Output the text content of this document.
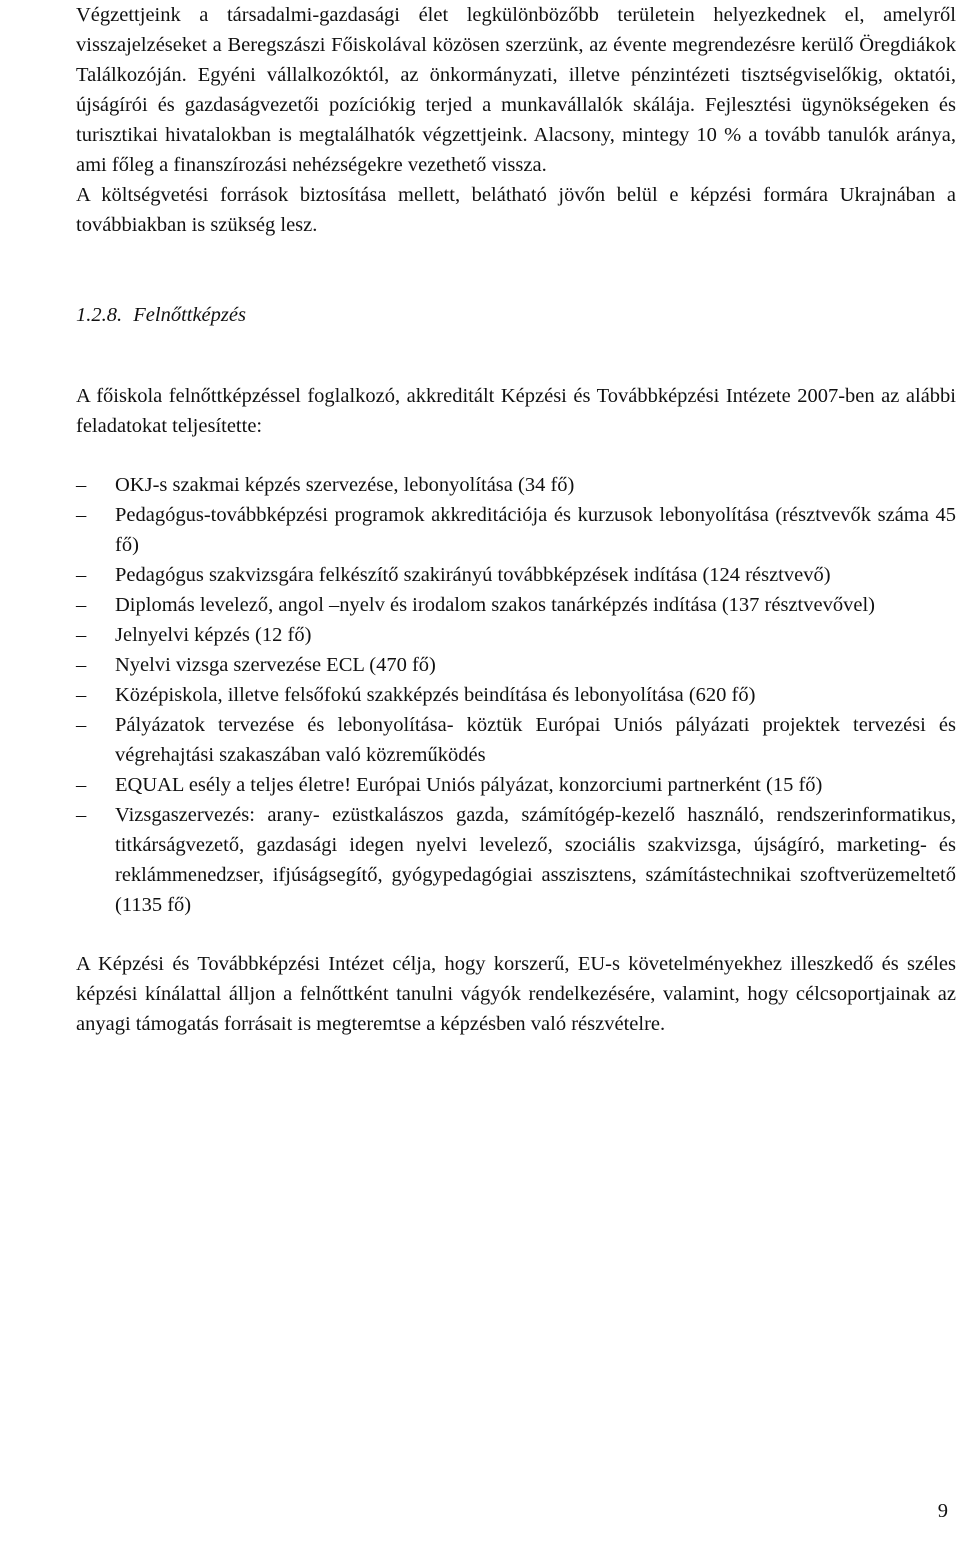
Végzettjeink a társadalmi-gazdasági élet legkülönbözőbb területein helyezkednek el, amelyről visszajelzéseket a Beregszászi Főiskolával közösen szerzünk, az évente megrendezésre kerülő Öregdiákok Találkozóján. Egyéni vállalkozóktól, az önkormányzati, illetve pénzintézeti tisztségviselőkig, oktatói, újságírói és gazdaságvezetői pozíciókig terjed a munkavállalók skálája. Fejlesztési ügynökségeken és turisztikai hivatalokban is megtalálhatók végzettjeink. Alacsony, mintegy 10 % a tovább tanulók aránya, ami főleg a finanszírozási nehézségekre vezethető vissza.

A költségvetési források biztosítása mellett, belátható jövőn belül e képzési formára Ukrajnában a továbbiakban is szükség lesz.

1.2.8. Felnőttképzés

A főiskola felnőttképzéssel foglalkozó, akkreditált Képzési és Továbbképzési Intézete 2007-ben az alábbi feladatokat teljesítette:

– OKJ-s szakmai képzés szervezése, lebonyolítása (34 fő)
– Pedagógus-továbbképzési programok akkreditációja és kurzusok lebonyolítása (résztvevők száma 45 fő)
– Pedagógus szakvizsgára felkészítő szakirányú továbbképzések indítása (124 résztvevő)
– Diplomás levelező, angol –nyelv és irodalom szakos tanárképzés indítása (137 résztvevővel)
– Jelnyelvi képzés (12 fő)
– Nyelvi vizsga szervezése ECL (470 fő)
– Középiskola, illetve felsőfokú szakképzés beindítása és lebonyolítása (620 fő)
– Pályázatok tervezése és lebonyolítása- köztük Európai Uniós pályázati projektek tervezési és végrehajtási szakaszában való közreműködés
– EQUAL esély a teljes életre! Európai Uniós pályázat, konzorciumi partnerként (15 fő)
– Vizsgaszervezés: arany- ezüstkalászos gazda, számítógép-kezelő használó, rendszerinformatikus, titkárságvezető, gazdasági idegen nyelvi levelező, szociális szakvizsga, újságíró, marketing- és reklámmenedzser, ifjúságsegítő, gyógypedagógiai asszisztens, számítástechnikai szoftverüzemeltető (1135 fő)

A Képzési és Továbbképzési Intézet célja, hogy korszerű, EU-s követelményekhez illeszkedő és széles képzési kínálattal álljon a felnőttként tanulni vágyók rendelkezésére, valamint, hogy célcsoportjainak az anyagi támogatás forrásait is megteremtse a képzésben való részvételre.

9
